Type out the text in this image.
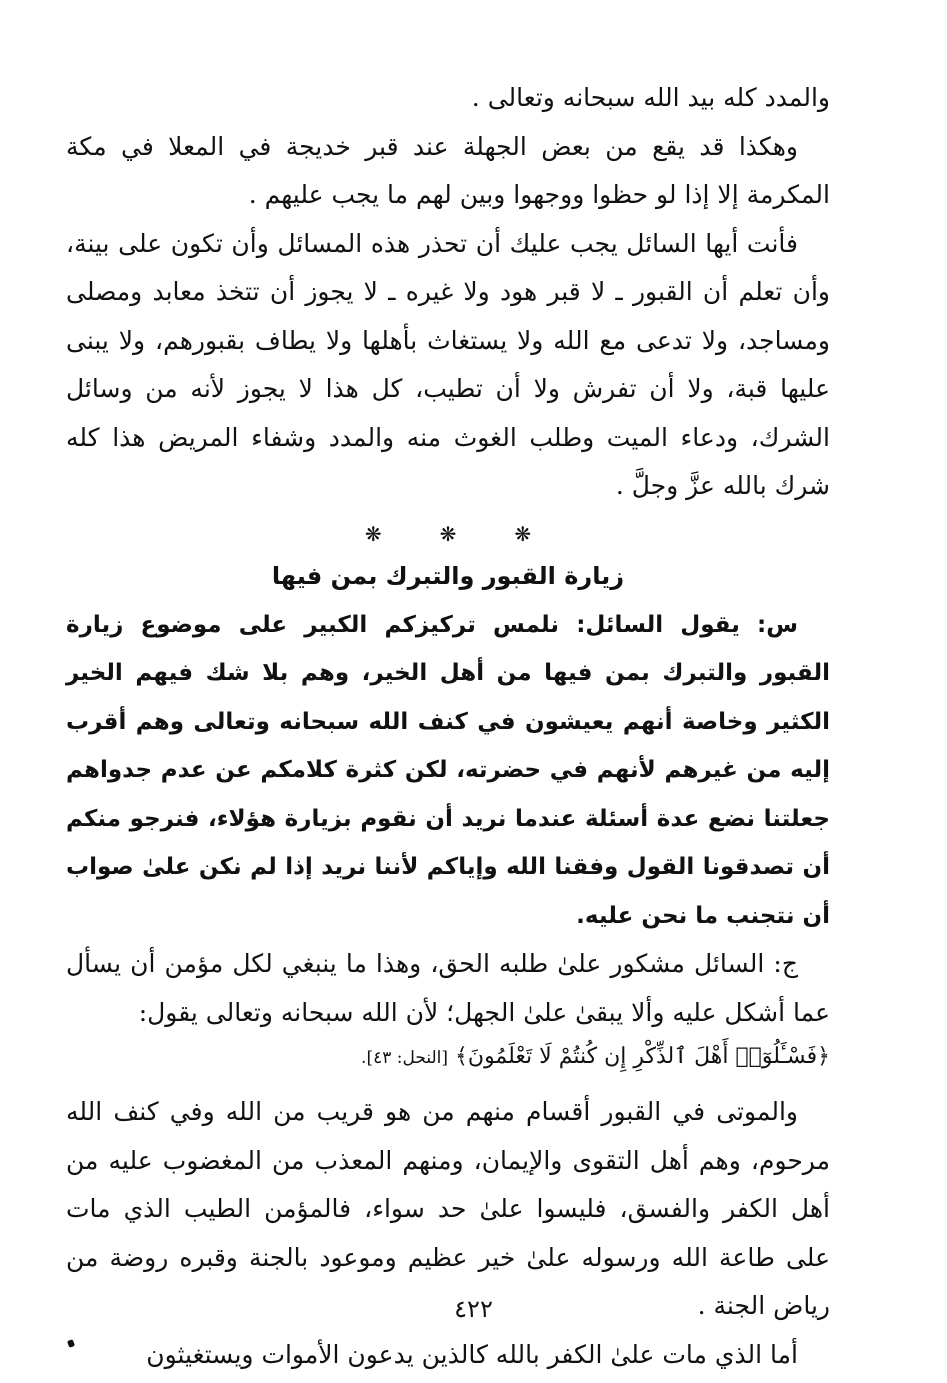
والمدد كله بيد الله سبحانه وتعالى .

وهكذا قد يقع من بعض الجهلة عند قبر خديجة في المعلا في مكة المكرمة إلا إذا لو حظوا ووجهوا وبين لهم ما يجب عليهم .

فأنت أيها السائل يجب عليك أن تحذر هذه المسائل وأن تكون على بينة، وأن تعلم أن القبور ـ لا قبر هود ولا غيره ـ لا يجوز أن تتخذ معابد ومصلى ومساجد، ولا تدعى مع الله ولا يستغاث بأهلها ولا يطاف بقبورهم، ولا يبنى عليها قبة، ولا أن تفرش ولا أن تطيب، كل هذا لا يجوز لأنه من وسائل الشرك، ودعاء الميت وطلب الغوث منه والمدد وشفاء المريض هذا كله شرك بالله عزَّ وجلَّ .

❋	❋	❋
زيارة القبور والتبرك بمن فيها

س: يقول السائل: نلمس تركيزكم الكبير على موضوع زيارة القبور والتبرك بمن فيها من أهل الخير، وهم بلا شك فيهم الخير الكثير وخاصة أنهم يعيشون في كنف الله سبحانه وتعالى وهم أقرب إليه من غيرهم لأنهم في حضرته، لكن كثرة كلامكم عن عدم جدواهم جعلتنا نضع عدة أسئلة عندما نريد أن نقوم بزيارة هؤلاء، فنرجو منكم أن تصدقونا القول وفقنا الله وإياكم لأننا نريد إذا لم نكن علىٰ صواب أن نتجنب ما نحن عليه.

ج: السائل مشكور علىٰ طلبه الحق، وهذا ما ينبغي لكل مؤمن أن يسأل عما أشكل عليه وألا يبقىٰ علىٰ الجهل؛ لأن الله سبحانه وتعالى يقول:

﴿فَسْـَٔلُوٓا۟ أَهْلَ ٱلذِّكْرِ إِن كُنتُمْ لَا تَعْلَمُونَ﴾ [النحل: ٤٣].

والموتى في القبور أقسام منهم من هو قريب من الله وفي كنف الله مرحوم، وهم أهل التقوى والإيمان، ومنهم المعذب من المغضوب عليه من أهل الكفر والفسق، فليسوا علىٰ حد سواء، فالمؤمن الطيب الذي مات على طاعة الله ورسوله علىٰ خير عظيم وموعود بالجنة وقبره روضة من رياض الجنة .

أما الذي مات علىٰ الكفر بالله كالذين يدعون الأموات ويستغيثون

٤٢٢
